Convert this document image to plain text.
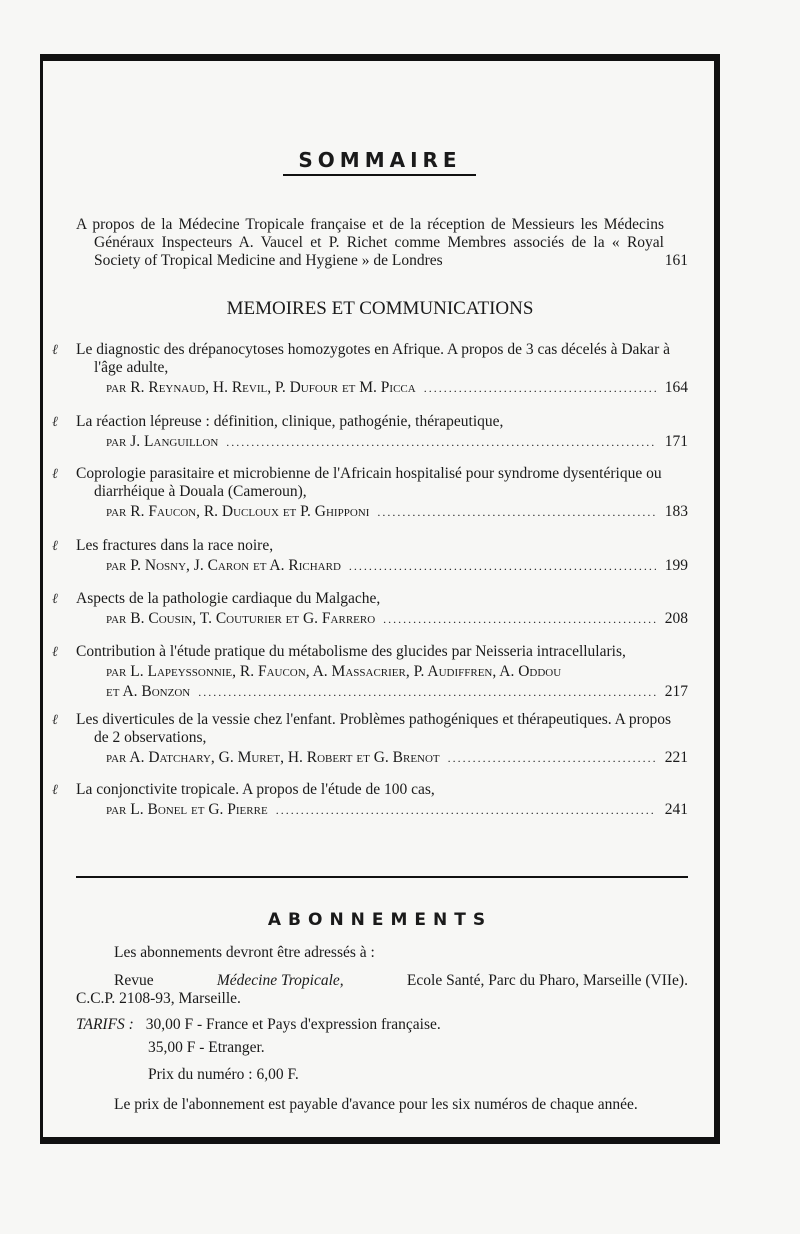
SOMMAIRE
A propos de la Médecine Tropicale française et de la réception de Messieurs les Médecins Généraux Inspecteurs A. Vaucel et P. Richet comme Membres associés de la « Royal Society of Tropical Medicine and Hygiene » de Londres	161
MEMOIRES ET COMMUNICATIONS
ℓ Le diagnostic des drépanocytoses homozygotes en Afrique. A propos de 3 cas décelés à Dakar à l'âge adulte,
par R. Reynaud, H. Revil, P. Dufour et M. Picca .....	164
ℓ La réaction lépreuse : définition, clinique, pathogénie, thérapeutique,
par J. Languillon .....	171
ℓ Coprologie parasitaire et microbienne de l'Africain hospitalisé pour syndrome dysentérique ou diarrhéique à Douala (Cameroun),
par R. Faucon, R. Ducloux et P. Ghipponi .....	183
ℓ Les fractures dans la race noire,
par P. Nosny, J. Caron et A. Richard .....	199
ℓ Aspects de la pathologie cardiaque du Malgache,
par B. Cousin, T. Couturier et G. Farrero .....	208
ℓ Contribution à l'étude pratique du métabolisme des glucides par Neisseria intracellularis,
par L. Lapeyssonnie, R. Faucon, A. Massacrier, P. Audiffren, A. Oddou
et A. Bonzon .....	217
ℓ Les diverticules de la vessie chez l'enfant. Problèmes pathogéniques et thérapeutiques. A propos de 2 observations,
par A. Datchary, G. Muret, H. Robert et G. Brenot .....	221
ℓ La conjonctivite tropicale. A propos de l'étude de 100 cas,
par L. Bonel et G. Pierre .....	241
ABONNEMENTS
Les abonnements devront être adressés à :
Revue	Médecine Tropicale,	Ecole Santé, Parc du Pharo, Marseille (VIIe).
C.C.P. 2108-93, Marseille.
TARIFS : 30,00 F - France et Pays d'expression française.
35,00 F - Etranger.
Prix du numéro : 6,00 F.
Le prix de l'abonnement est payable d'avance pour les six numéros de chaque année.
